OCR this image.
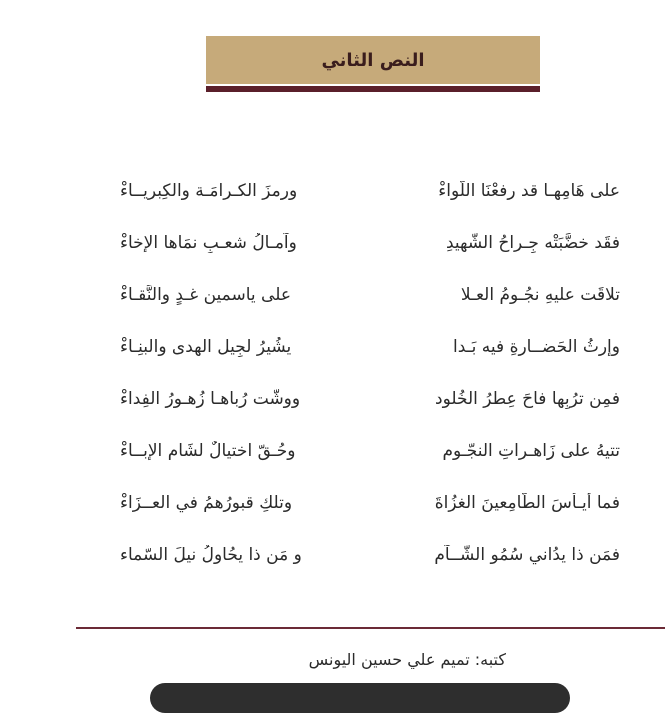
النص الثاني
على هَامِهـا قد رفعْنَا اللّواءْ
ورمزَ الكـرامَـة والكِبريــاءْ
فقَد خضَّبَتْه جِـراحُ الشّهيدِ
وآمـالُ شعـبٍ نمَاها الإخاءْ
تلاقَت عليهِ نجُـومُ العـلا
على ياسمينِ غـدٍ والنَّقـاءْ
وإرثُ الحَضــارةِ فيه بَـدا
يشُيرُ لجِيل الهدى والبنِـاءْ
فمِن ترُبِها فاحَ عِطرُ الخُلود
ووشّت رُباهـا زُهـورُ الفِداءْ
تتيهُ على زَاهـراتِ النجّـومِ
وحُـقّ اختيالٌ لشَام الإبــاءْ
فما أيـأسَ الطّامِعينَ الغزُاةَ
وتلكِ قبورُهمُ في العــزَاءْ
فمَن ذا يدُاني سُمُو الشّــآمِ
و مَن ذا يحُاولُ نيلَ السّماء
كتبه: تميم علي حسين اليونس
